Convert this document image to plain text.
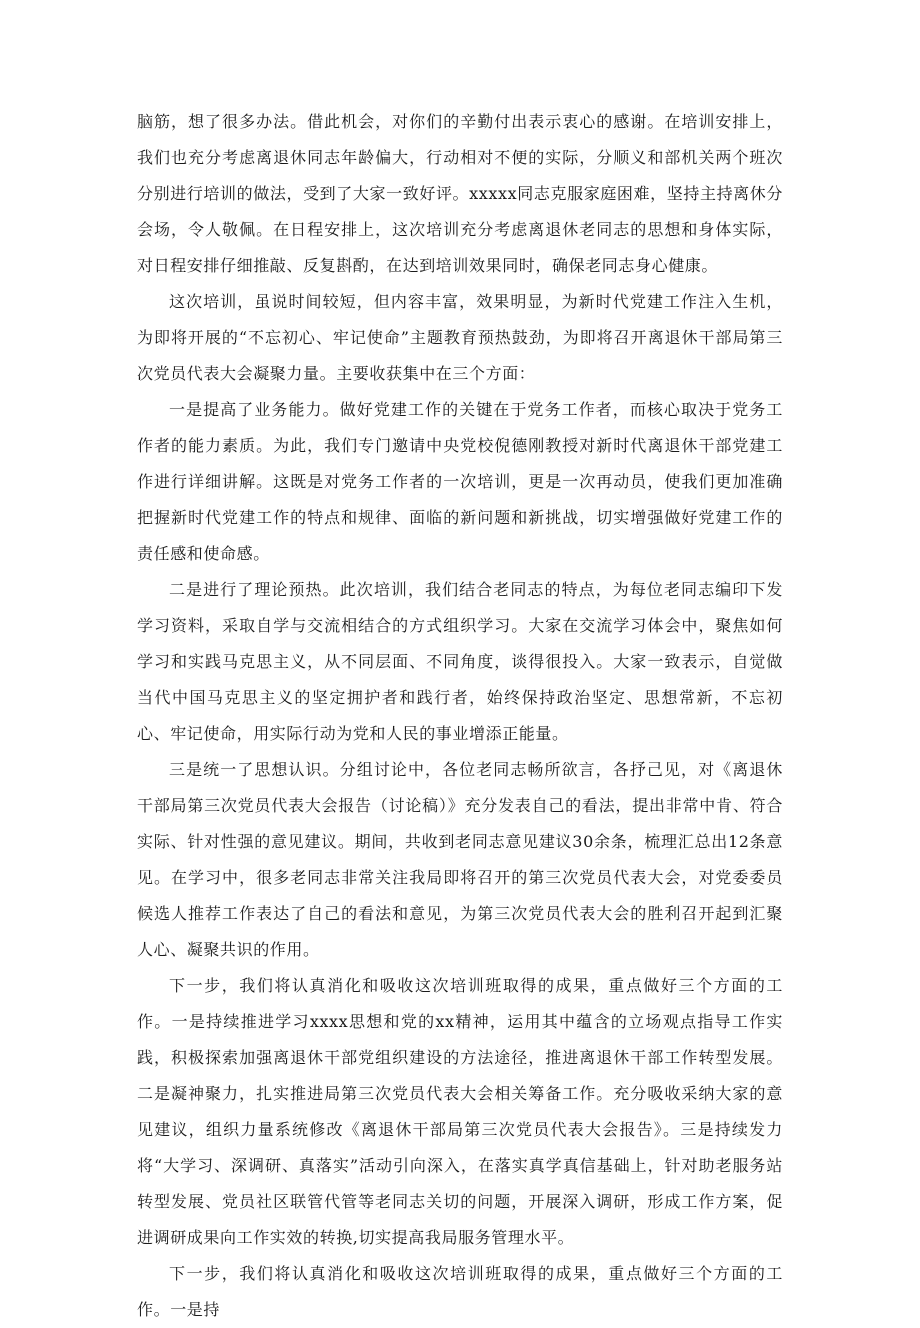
脑筋，想了很多办法。借此机会，对你们的辛勤付出表示衷心的感谢。在培训安排上，我们也充分考虑离退休同志年龄偏大，行动相对不便的实际，分顺义和部机关两个班次分别进行培训的做法，受到了大家一致好评。xxxxx同志克服家庭困难，坚持主持离休分会场，令人敬佩。在日程安排上，这次培训充分考虑离退休老同志的思想和身体实际，对日程安排仔细推敲、反复斟酌，在达到培训效果同时，确保老同志身心健康。

这次培训，虽说时间较短，但内容丰富，效果明显，为新时代党建工作注入生机，为即将开展的“不忘初心、牢记使命”主题教育预热鼓劲，为即将召开离退休干部局第三次党员代表大会凝聚力量。主要收获集中在三个方面：

一是提高了业务能力。做好党建工作的关键在于党务工作者，而核心取决于党务工作者的能力素质。为此，我们专门邀请中央党校倪德刚教授对新时代离退休干部党建工作进行详细讲解。这既是对党务工作者的一次培训，更是一次再动员，使我们更加准确把握新时代党建工作的特点和规律、面临的新问题和新挑战，切实增强做好党建工作的责任感和使命感。

二是进行了理论预热。此次培训，我们结合老同志的特点，为每位老同志编印下发学习资料，采取自学与交流相结合的方式组织学习。大家在交流学习体会中，聚焦如何学习和实践马克思主义，从不同层面、不同角度，谈得很投入。大家一致表示，自觉做当代中国马克思主义的坚定拥护者和践行者，始终保持政治坚定、思想常新，不忘初心、牢记使命，用实际行动为党和人民的事业增添正能量。

三是统一了思想认识。分组讨论中，各位老同志畅所欲言，各抒己见，对《离退休干部局第三次党员代表大会报告（讨论稿）》充分发表自己的看法，提出非常中肯、符合实际、针对性强的意见建议。期间，共收到老同志意见建议30余条，梳理汇总出12条意见。在学习中，很多老同志非常关注我局即将召开的第三次党员代表大会，对党委委员候选人推荐工作表达了自己的看法和意见，为第三次党员代表大会的胜利召开起到汇聚人心、凝聚共识的作用。

下一步，我们将认真消化和吸收这次培训班取得的成果，重点做好三个方面的工作。一是持续推进学习xxxx思想和党的xx精神，运用其中蕴含的立场观点指导工作实践，积极探索加强离退休干部党组织建设的方法途径，推进离退休干部工作转型发展。二是凝神聚力，扎实推进局第三次党员代表大会相关筹备工作。充分吸收采纳大家的意见建议，组织力量系统修改《离退休干部局第三次党员代表大会报告》。三是持续发力将“大学习、深调研、真落实”活动引向深入，在落实真学真信基础上，针对助老服务站转型发展、党员社区联管代管等老同志关切的问题，开展深入调研，形成工作方案，促进调研成果向工作实效的转换,切实提高我局服务管理水平。

下一步，我们将认真消化和吸收这次培训班取得的成果，重点做好三个方面的工作。一是持
